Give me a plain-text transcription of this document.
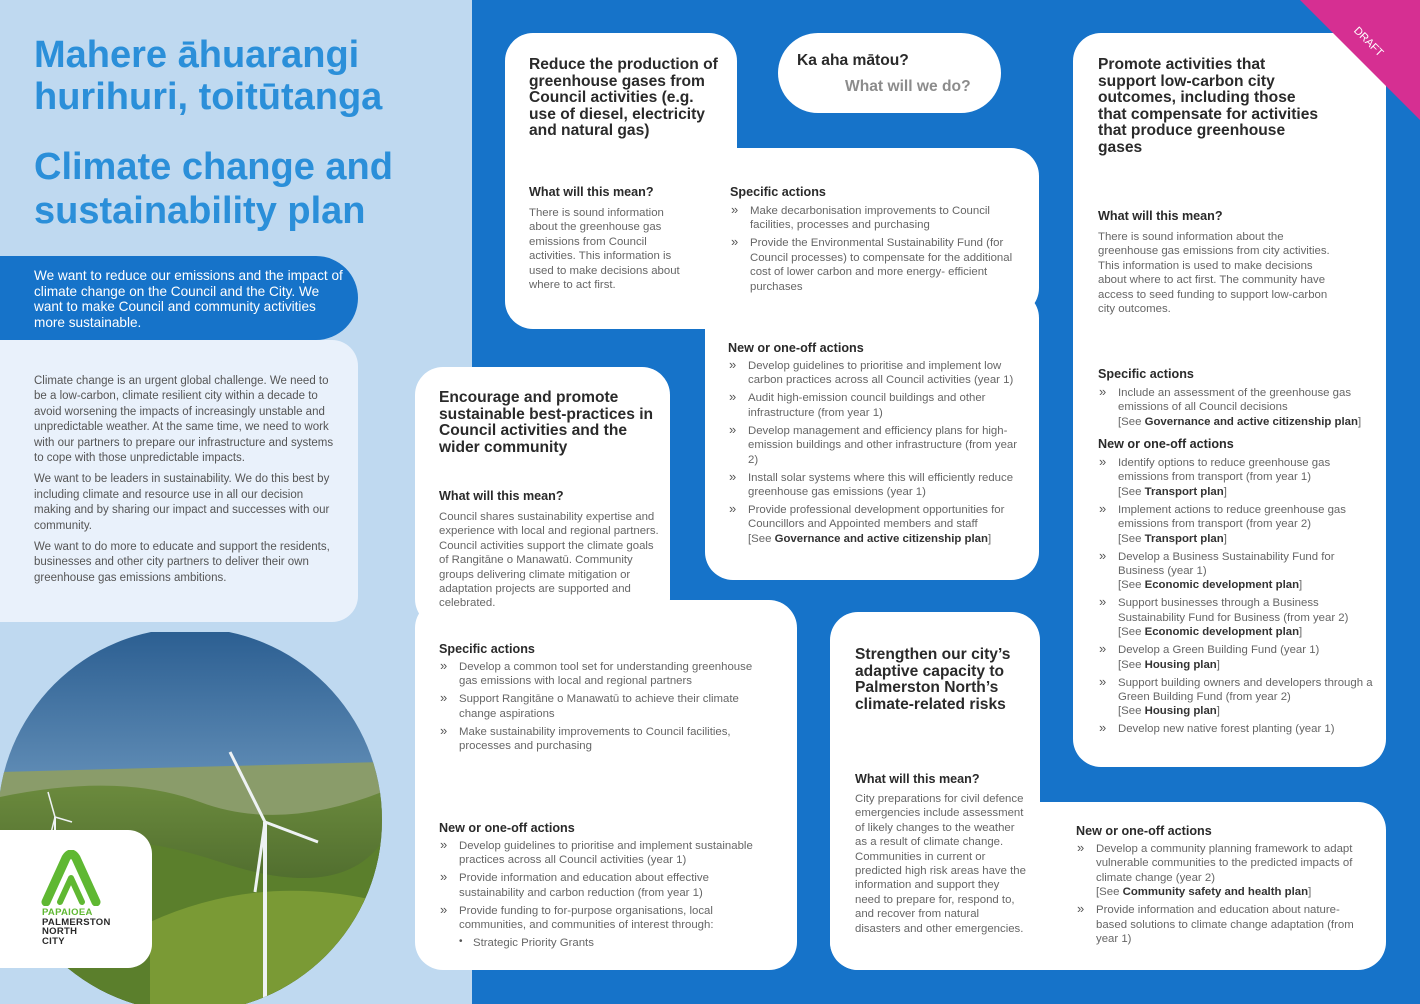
Mahere āhuarangi hurihuri, toitūtanga
Climate change and sustainability plan

We want to reduce our emissions and the impact of climate change on the Council and the City. We want to make Council and community activities more sustainable.

Climate change is an urgent global challenge. We need to be a low-carbon, climate resilient city within a decade to avoid worsening the impacts of increasingly unstable and unpredictable weather. At the same time, we need to work with our partners to prepare our infrastructure and systems to cope with those unpredictable impacts.

We want to be leaders in sustainability. We do this best by including climate and resource use in all our decision making and by sharing our impact and successes with our community.

We want to do more to educate and support the residents, businesses and other city partners to deliver their own greenhouse gas emissions ambitions.

PAPAIOEA
PALMERSTON
NORTH
CITY
Ka aha mātou?
What will we do?
DRAFT
Reduce the production of greenhouse gases from Council activities (e.g. use of diesel, electricity and natural gas)
What will this mean?

There is sound information about the greenhouse gas emissions from Council activities. This information is used to make decisions about where to act first.

Specific actions
» Make decarbonisation improvements to Council facilities, processes and purchasing
» Provide the Environmental Sustainability Fund (for Council processes) to compensate for the additional cost of lower carbon and more energy- efficient purchases
New or one-off actions
» Develop guidelines to prioritise and implement low carbon practices across all Council activities (year 1)
» Audit high-emission council buildings and other infrastructure (from year 1)
» Develop management and efficiency plans for high-emission buildings and other infrastructure (from year 2)
» Install solar systems where this will efficiently reduce greenhouse gas emissions (year 1)
» Provide professional development opportunities for Councillors and Appointed members and staff
[See Governance and active citizenship plan]
Encourage and promote sustainable best-practices in Council activities and the wider community
What will this mean?

Council shares sustainability expertise and experience with local and regional partners. Council activities support the climate goals of Rangitāne o Manawatū. Community groups delivering climate mitigation or adaptation projects are supported and celebrated.

Specific actions
» Develop a common tool set for understanding greenhouse gas emissions with local and regional partners
» Support Rangitāne o Manawatū to achieve their climate change aspirations
» Make sustainability improvements to Council facilities, processes and purchasing
New or one-off actions
» Develop guidelines to prioritise and implement sustainable practices across all Council activities (year 1)
» Provide information and education about effective sustainability and carbon reduction (from year 1)
» Provide funding to for-purpose organisations, local communities, and communities of interest through:
• Strategic Priority Grants
Strengthen our city’s adaptive capacity to Palmerston North’s climate-related risks
What will this mean?

City preparations for civil defence emergencies include assessment of likely changes to the weather as a result of climate change. Communities in current or predicted high risk areas have the information and support they need to prepare for, respond to, and recover from natural disasters and other emergencies.

New or one-off actions
» Develop a community planning framework to adapt vulnerable communities to the predicted impacts of climate change (year 2)
[See Community safety and health plan]
» Provide information and education about nature-based solutions to climate change adaptation (from year 1)
Promote activities that support low-carbon city outcomes, including those that compensate for activities that produce greenhouse gases
What will this mean?

There is sound information about the greenhouse gas emissions from city activities. This information is used to make decisions about where to act first. The community have access to seed funding to support low-carbon city outcomes.

Specific actions
» Include an assessment of the greenhouse gas emissions of all Council decisions
[See Governance and active citizenship plan]
New or one-off actions
» Identify options to reduce greenhouse gas emissions from transport (from year 1)
[See Transport plan]
» Implement actions to reduce greenhouse gas emissions from transport (from year 2)
[See Transport plan]
» Develop a Business Sustainability Fund for Business (year 1)
[See Economic development plan]
» Support businesses through a Business Sustainability Fund for Business (from year 2)
[See Economic development plan]
» Develop a Green Building Fund (year 1)
[See Housing plan]
» Support building owners and developers through a Green Building Fund (from year 2)
[See Housing plan]
» Develop new native forest planting (year 1)
